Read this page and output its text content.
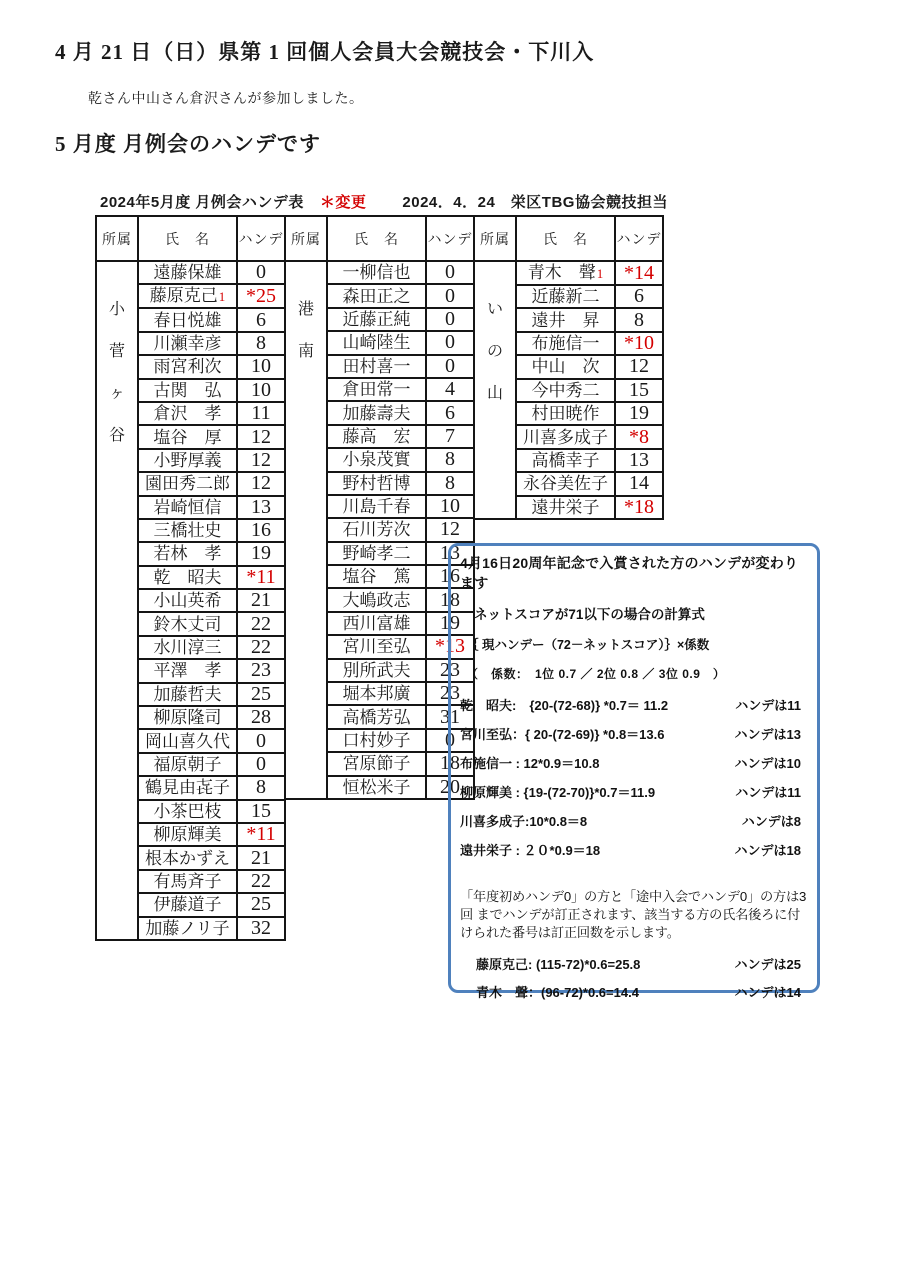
4 月 21 日（日）県第 1 回個人会員大会競技会・下川入

乾さん中山さん倉沢さんが参加しました。

5 月度 月例会のハンデです
2024年5月度 月例会ハンデ表 ＊変更 2024．4．24　栄区TBG協会競技担当
所属	氏　名	ハンデ

小
菅
ヶ
谷	遠藤保雄	0
	藤原克己1	*25
	春日悦雄	6
	川瀬幸彦	8
	雨宮利次	10
	古関　弘	10
	倉沢　孝	11
	塩谷　厚	12
	小野厚義	12
	園田秀二郎	12
	岩崎恒信	13
	三橋壮史	16
	若林　孝	19
	乾　昭夫	*11
	小山英希	21
	鈴木丈司	22
	水川淳三	22
	平澤　孝	23
	加藤哲夫	25
	柳原隆司	28
	岡山喜久代	0
	福原朝子	0
	鶴見由㐂子	8
	小茶巴枝	15
	柳原輝美	*11
	根本かずえ	21
	有馬斉子	22
	伊藤道子	25
	加藤ノリ子	32
所属	氏　名	ハンデ

港
南	一柳信也	0
	森田正之	0
	近藤正純	0
	山崎陸生	0
	田村喜一	0
	倉田常一	4
	加藤壽夫	6
	藤高　宏	7
	小泉茂實	8
	野村哲博	8
	川島千春	10
	石川芳次	12
	野崎孝二	13
	塩谷　篤	16
	大嶋政志	18
	西川富雄	19
	宮川至弘	*13
	別所武夫	23
	堀本邦廣	23
	高橋芳弘	31
	口村妙子	0
	宮原節子	18
	恒松米子	20
所属	氏　名	ハンデ

い
の
山	青木　聲1	*14
	近藤新二	6
	遠井　昇	8
	布施信一	*10
	中山　次	12
	今中秀二	15
	村田暁作	19
	川喜多成子	*8
	高橋幸子	13
	永谷美佐子	14
	遠井栄子	*18
4月16日20周年記念で入賞された方のハンデが変わります
ネットスコアが71以下の場合の計算式
｛ 現ハンデー（72－ネットスコア）｝×係数
（　係数：　1位 0.7 ／ 2位 0.8 ／ 3位 0.9　）
乾　昭夫:　{20-(72-68)} *0.7＝ 11.2	ハンデは11
宮川至弘：{ 20-(72-69)} *0.8＝13.6	ハンデは13
布施信一 : 12*0.9＝10.8	ハンデは10
柳原輝美 : {19-(72-70)}*0.7＝11.9	ハンデは11
川喜多成子:10*0.8＝8	ハンデは8
遠井栄子 : ２０*0.9＝18	ハンデは18
「年度初めハンデ0」の方と「途中入会でハンデ0」の方は3回 までハンデが訂正されます、該当する方の氏名後ろに付けられた番号は訂正回数を示します。
藤原克己: (115-72)*0.6=25.8	ハンデは25
青木　聲：(96-72)*0.6=14.4	ハンデは14
